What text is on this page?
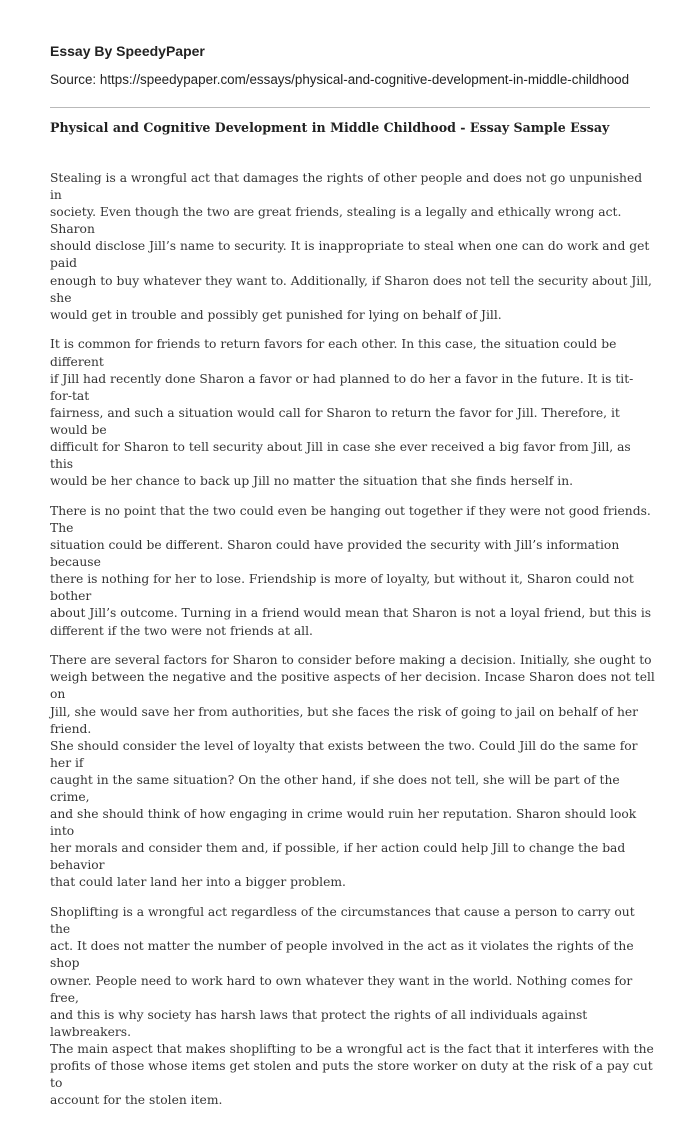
Essay By SpeedyPaper
Source: https://speedypaper.com/essays/physical-and-cognitive-development-in-middle-childhood
Physical and Cognitive Development in Middle Childhood - Essay Sample Essay

Stealing is a wrongful act that damages the rights of other people and does not go unpunished in
society. Even though the two are great friends, stealing is a legally and ethically wrong act. Sharon
should disclose Jill’s name to security. It is inappropriate to steal when one can do work and get paid
enough to buy whatever they want to. Additionally, if Sharon does not tell the security about Jill, she
would get in trouble and possibly get punished for lying on behalf of Jill.

It is common for friends to return favors for each other. In this case, the situation could be different
if Jill had recently done Sharon a favor or had planned to do her a favor in the future. It is tit-for-tat
fairness, and such a situation would call for Sharon to return the favor for Jill. Therefore, it would be
difficult for Sharon to tell security about Jill in case she ever received a big favor from Jill, as this
would be her chance to back up Jill no matter the situation that she finds herself in.

There is no point that the two could even be hanging out together if they were not good friends. The
situation could be different. Sharon could have provided the security with Jill’s information because
there is nothing for her to lose. Friendship is more of loyalty, but without it, Sharon could not bother
about Jill’s outcome. Turning in a friend would mean that Sharon is not a loyal friend, but this is
different if the two were not friends at all.

There are several factors for Sharon to consider before making a decision. Initially, she ought to
weigh between the negative and the positive aspects of her decision. Incase Sharon does not tell on
Jill, she would save her from authorities, but she faces the risk of going to jail on behalf of her friend.
She should consider the level of loyalty that exists between the two. Could Jill do the same for her if
caught in the same situation? On the other hand, if she does not tell, she will be part of the crime,
and she should think of how engaging in crime would ruin her reputation. Sharon should look into
her morals and consider them and, if possible, if her action could help Jill to change the bad behavior
that could later land her into a bigger problem.

Shoplifting is a wrongful act regardless of the circumstances that cause a person to carry out the
act. It does not matter the number of people involved in the act as it violates the rights of the shop
owner. People need to work hard to own whatever they want in the world. Nothing comes for free,
and this is why society has harsh laws that protect the rights of all individuals against lawbreakers.
The main aspect that makes shoplifting to be a wrongful act is the fact that it interferes with the
profits of those whose items get stolen and puts the store worker on duty at the risk of a pay cut to
account for the stolen item.
